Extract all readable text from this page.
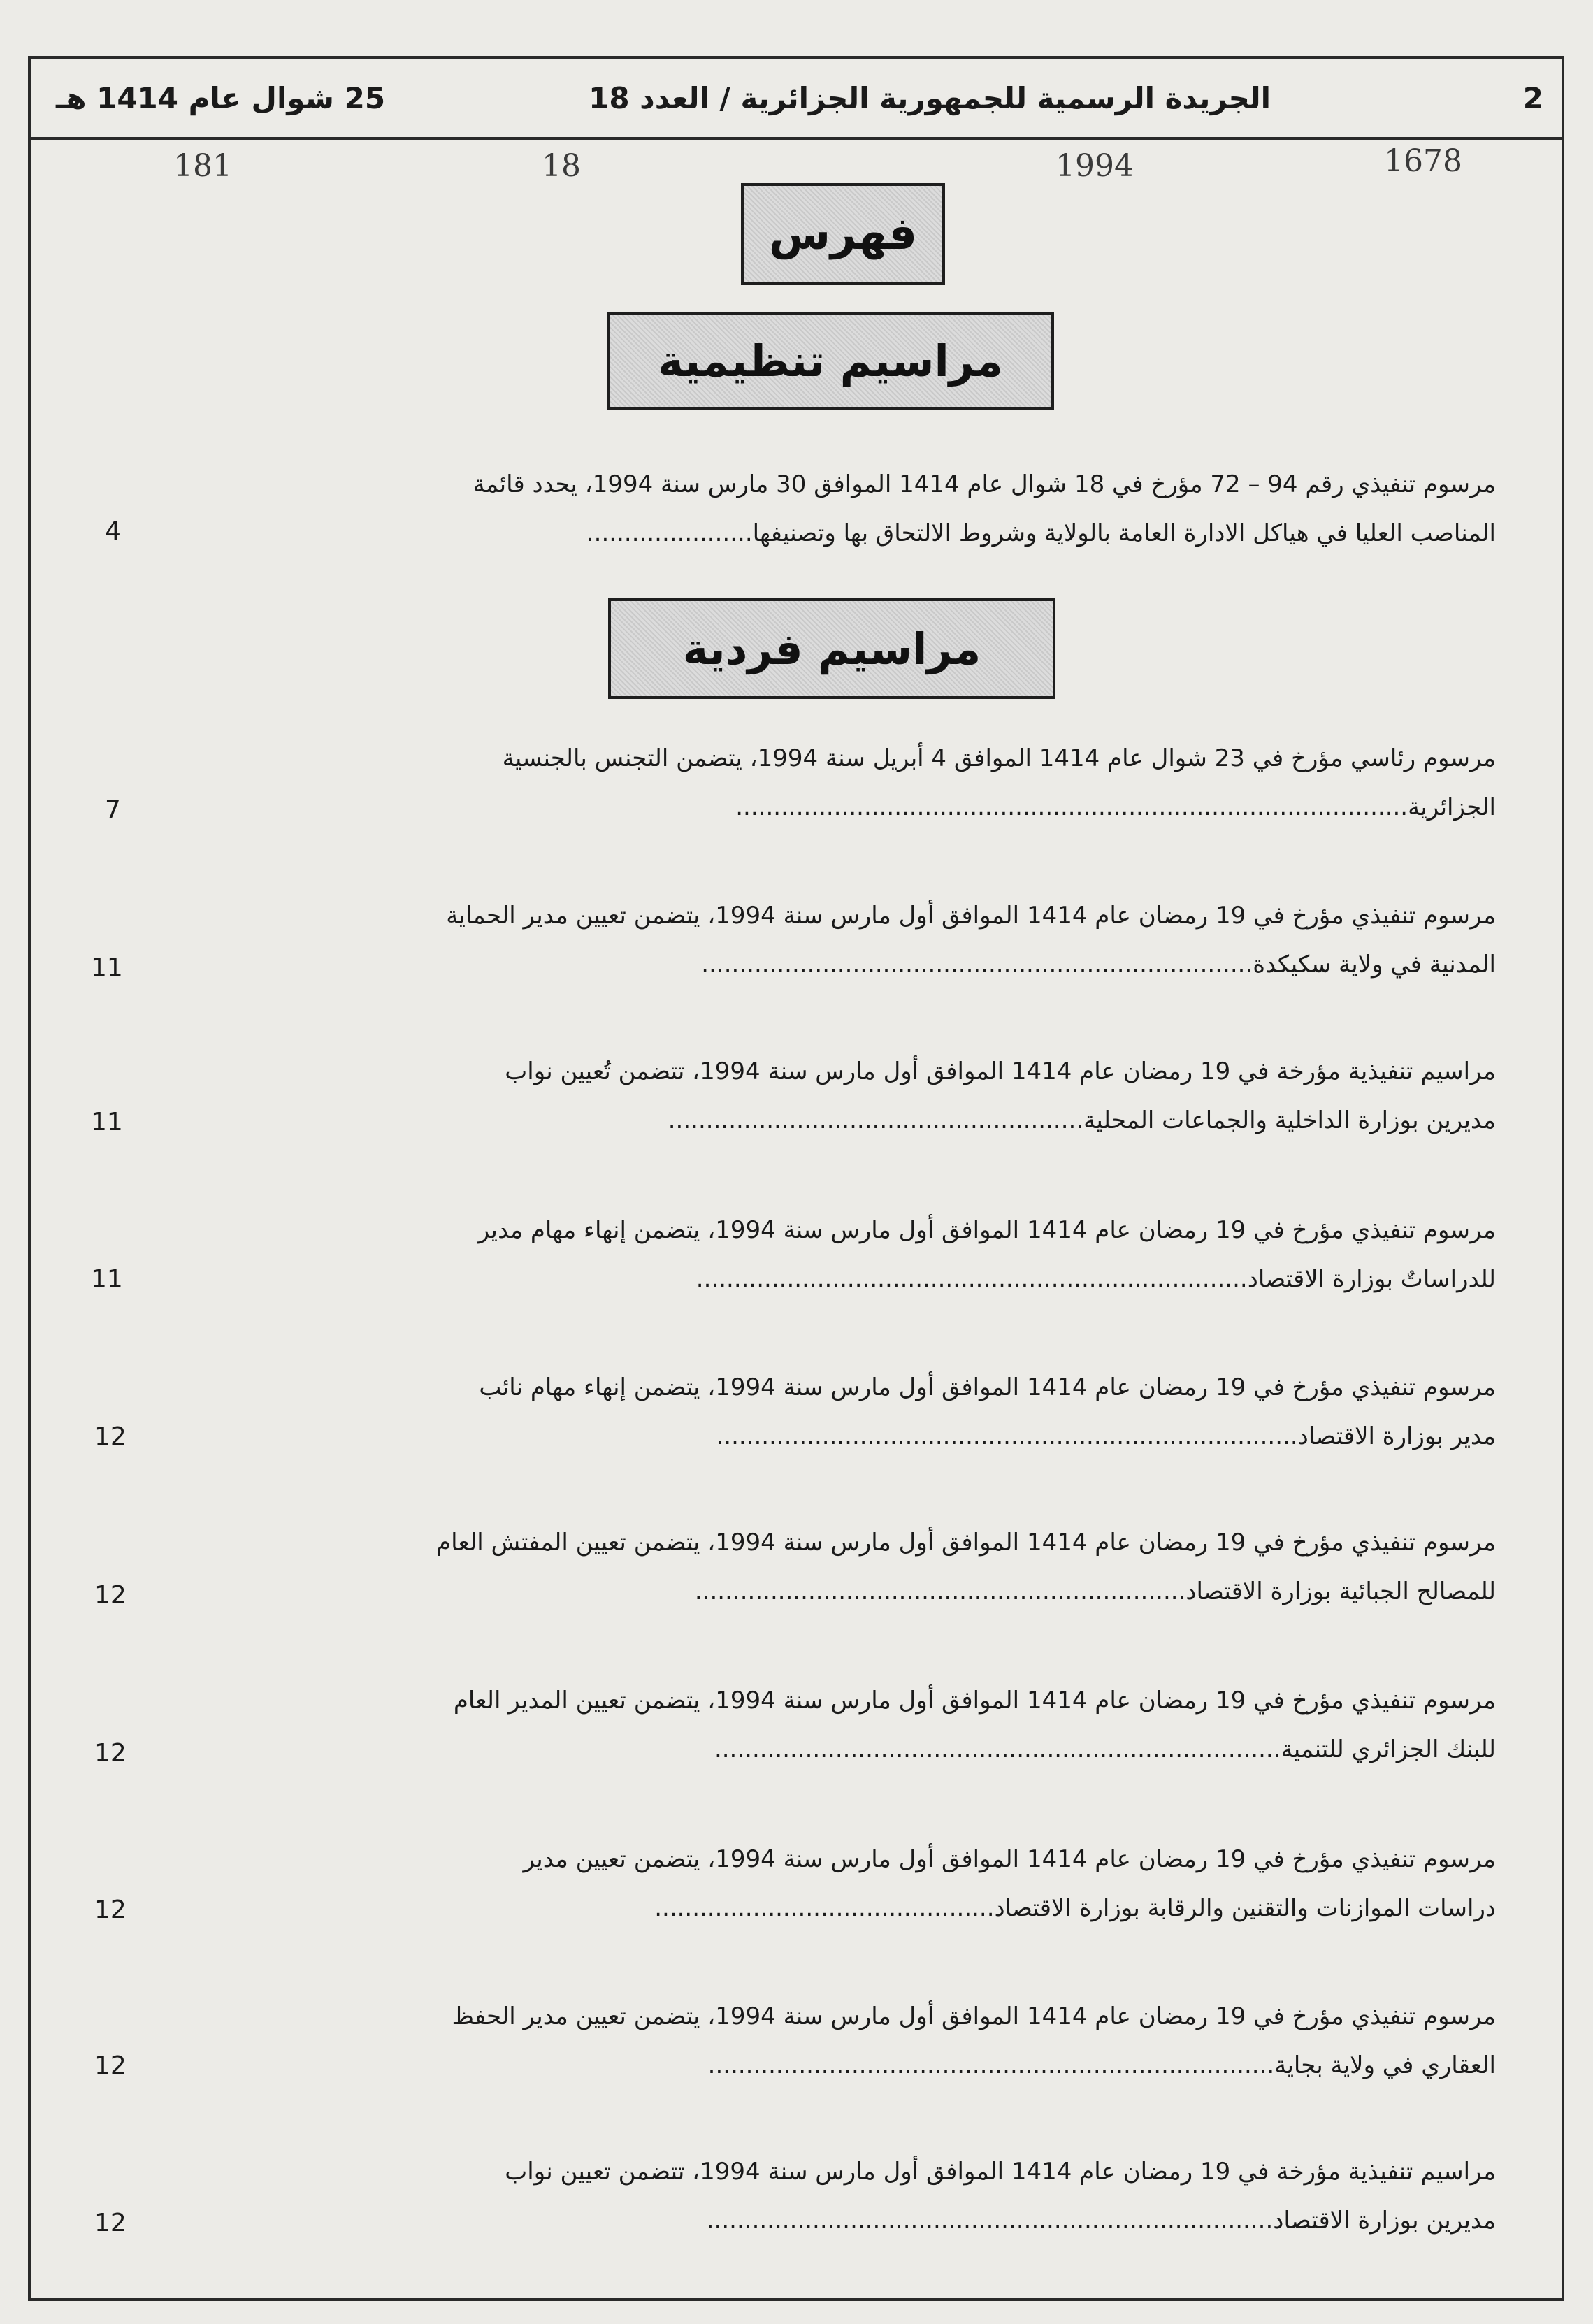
2
الجريدة الرسمية للجمهورية الجزائرية / العدد 18
25 شوال عام 1414 هـ
1678
1994
18
181
فهرس
مراسيم تنظيمية
مراسيم فردية
مرسوم تنفيذي رقم 94 – 72 مؤرخ في 18 شوال عام 1414 الموافق 30 مارس سنة 1994، يحدد قائمة
المناصب العليا في هياكل الادارة العامة بالولاية وشروط الالتحاق بها وتصنيفها......................
4
مرسوم رئاسي مؤرخ في 23 شوال عام 1414 الموافق 4 أبريل سنة 1994، يتضمن التجنس بالجنسية
الجزائرية.........................................................................................
7
مرسوم تنفيذي مؤرخ في 19 رمضان عام 1414 الموافق أول مارس سنة 1994، يتضمن تعيين مدير الحماية
المدنية في ولاية سكيكدة.........................................................................
11
مراسيم تنفيذية مؤرخة في 19 رمضان عام 1414 الموافق أول مارس سنة 1994، تتضمن تُعيين نواب
مديرين بوزارة الداخلية والجماعات المحلية.......................................................
11
مرسوم تنفيذي مؤرخ في 19 رمضان عام 1414 الموافق أول مارس سنة 1994، يتضمن إنهاء مهام مدير
للدراساتٌ بوزارة الاقتصاد.........................................................................
11
مرسوم تنفيذي مؤرخ في 19 رمضان عام 1414 الموافق أول مارس سنة 1994، يتضمن إنهاء مهام نائب
مدير بوزارة الاقتصاد.............................................................................
12
مرسوم تنفيذي مؤرخ في 19 رمضان عام 1414 الموافق أول مارس سنة 1994، يتضمن تعيين المفتش العام
للمصالح الجبائية بوزارة الاقتصاد.................................................................
12
مرسوم تنفيذي مؤرخ في 19 رمضان عام 1414 الموافق أول مارس سنة 1994، يتضمن تعيين المدير العام
للبنك الجزائري للتنمية...........................................................................
12
مرسوم تنفيذي مؤرخ في 19 رمضان عام 1414 الموافق أول مارس سنة 1994، يتضمن تعيين مدير
دراسات الموازنات والتقنين والرقابة بوزارة الاقتصاد.............................................
12
مرسوم تنفيذي مؤرخ في 19 رمضان عام 1414 الموافق أول مارس سنة 1994، يتضمن تعيين مدير الحفظ
العقاري في ولاية بجاية...........................................................................
12
مراسيم تنفيذية مؤرخة في 19 رمضان عام 1414 الموافق أول مارس سنة 1994، تتضمن تعيين نواب
مديرين بوزارة الاقتصاد...........................................................................
12
